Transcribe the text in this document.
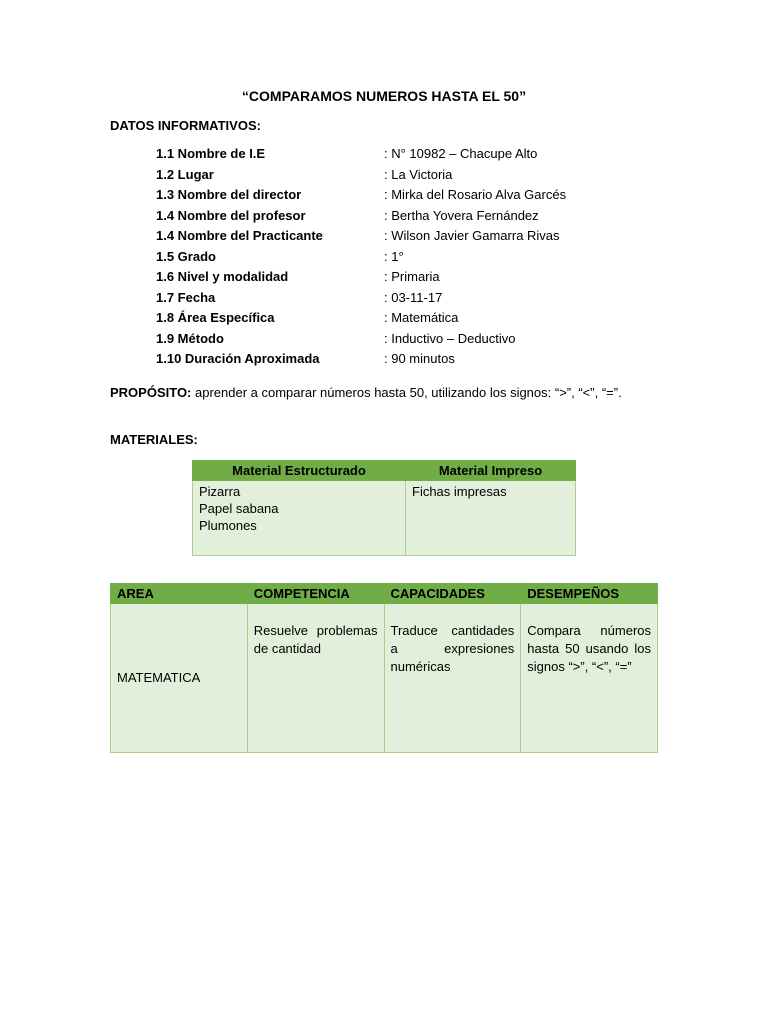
“COMPARAMOS NUMEROS HASTA EL 50”
DATOS INFORMATIVOS:
1.1 Nombre de I.E	: N° 10982 – Chacupe Alto
1.2 Lugar	: La Victoria
1.3 Nombre del director	: Mirka del Rosario Alva Garcés
1.4 Nombre del profesor	: Bertha Yovera Fernández
1.4 Nombre del Practicante	: Wilson Javier Gamarra Rivas
1.5 Grado	: 1°
1.6 Nivel y modalidad	: Primaria
1.7 Fecha	: 03-11-17
1.8 Área Específica	: Matemática
1.9 Método	: Inductivo – Deductivo
1.10 Duración Aproximada	: 90 minutos
PROPÓSITO: aprender a comparar números hasta 50, utilizando los signos: “>”, “<”, “=”.
MATERIALES:
Material Estructurado	Material Impreso

Pizarra
Papel sabana
Plumones	Fichas impresas
AREA	COMPETENCIA	CAPACIDADES	DESEMPEÑOS
MATEMATICA	Resuelve problemas de cantidad	Traduce cantidades a expresiones numéricas	Compara números hasta 50 usando los signos “>”, “<”, “=”
